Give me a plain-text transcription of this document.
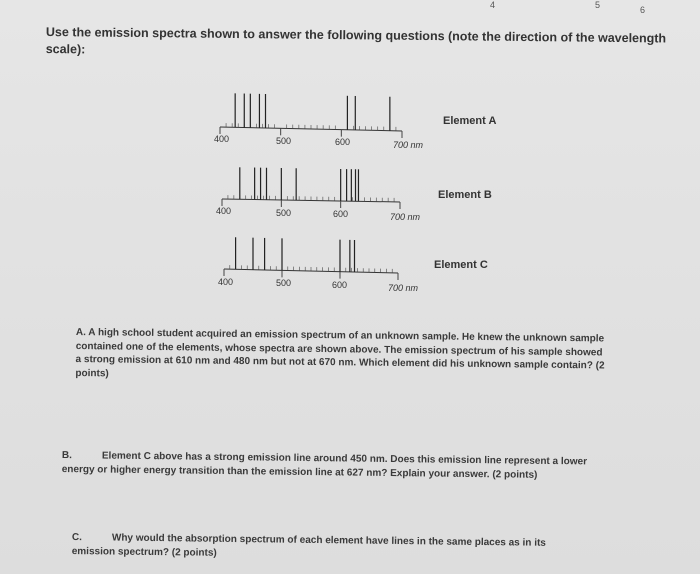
4	5	6
Use the emission spectra shown to answer the following questions (note the direction of the wavelength scale):
400	500	600	700 nm
Element A
400	500	600	700 nm
Element B
400	500	600	700 nm
Element C
A. A high school student acquired an emission spectrum of an unknown sample. He knew the unknown sample contained one of the elements, whose spectra are shown above. The emission spectrum of his sample showed a strong emission at 610 nm and 480 nm but not at 670 nm. Which element did his unknown sample contain? (2 points)
B.	Element C above has a strong emission line around 450 nm. Does this emission line represent a lower energy or higher energy transition than the emission line at 627 nm? Explain your answer. (2 points)
C.	Why would the absorption spectrum of each element have lines in the same places as in its emission spectrum? (2 points)
